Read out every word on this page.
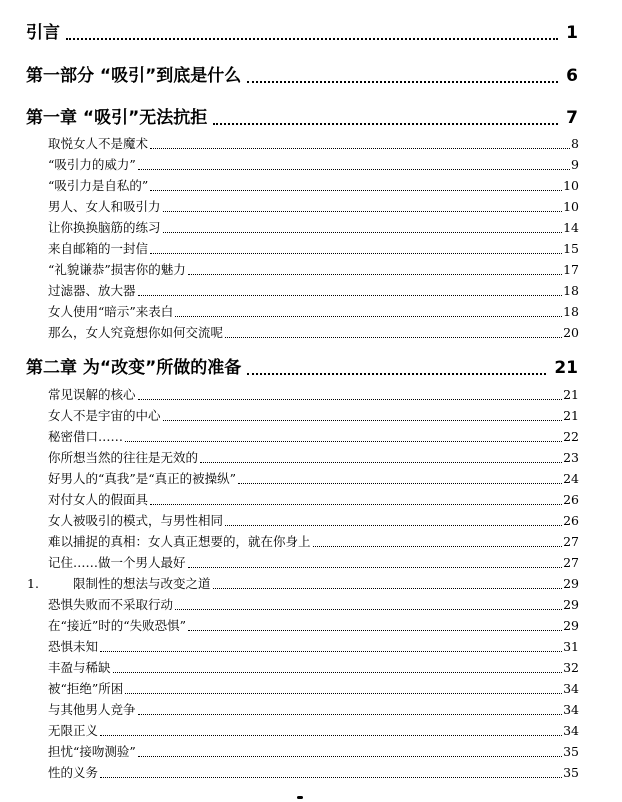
引言	1
第一部分 “吸引”到底是什么	6
第一章 “吸引”无法抗拒	7
取悦女人不是魔术	8
“吸引力的威力”	9
“吸引力是自私的”	10
男人、女人和吸引力	10
让你换换脑筋的练习	14
来自邮箱的一封信	15
“礼貌谦恭”损害你的魅力	17
过滤器、放大器	18
女人使用“暗示”来表白	18
那么，女人究竟想你如何交流呢	20
第二章 为“改变”所做的准备	21
常见误解的核心	21
女人不是宇宙的中心	21
秘密借口……	22
你所想当然的往往是无效的	23
好男人的“真我”是“真正的被操纵”	24
对付女人的假面具	26
女人被吸引的模式，与男性相同	26
难以捕捉的真相：女人真正想要的，就在你身上	27
记住……做一个男人最好	27
1.	限制性的想法与改变之道	29
恐惧失败而不采取行动	29
在“接近”时的“失败恐惧”	29
恐惧未知	31
丰盈与稀缺	32
被“拒绝”所困	34
与其他男人竞争	34
无限正义	34
担忧“接吻测验”	35
性的义务	35
